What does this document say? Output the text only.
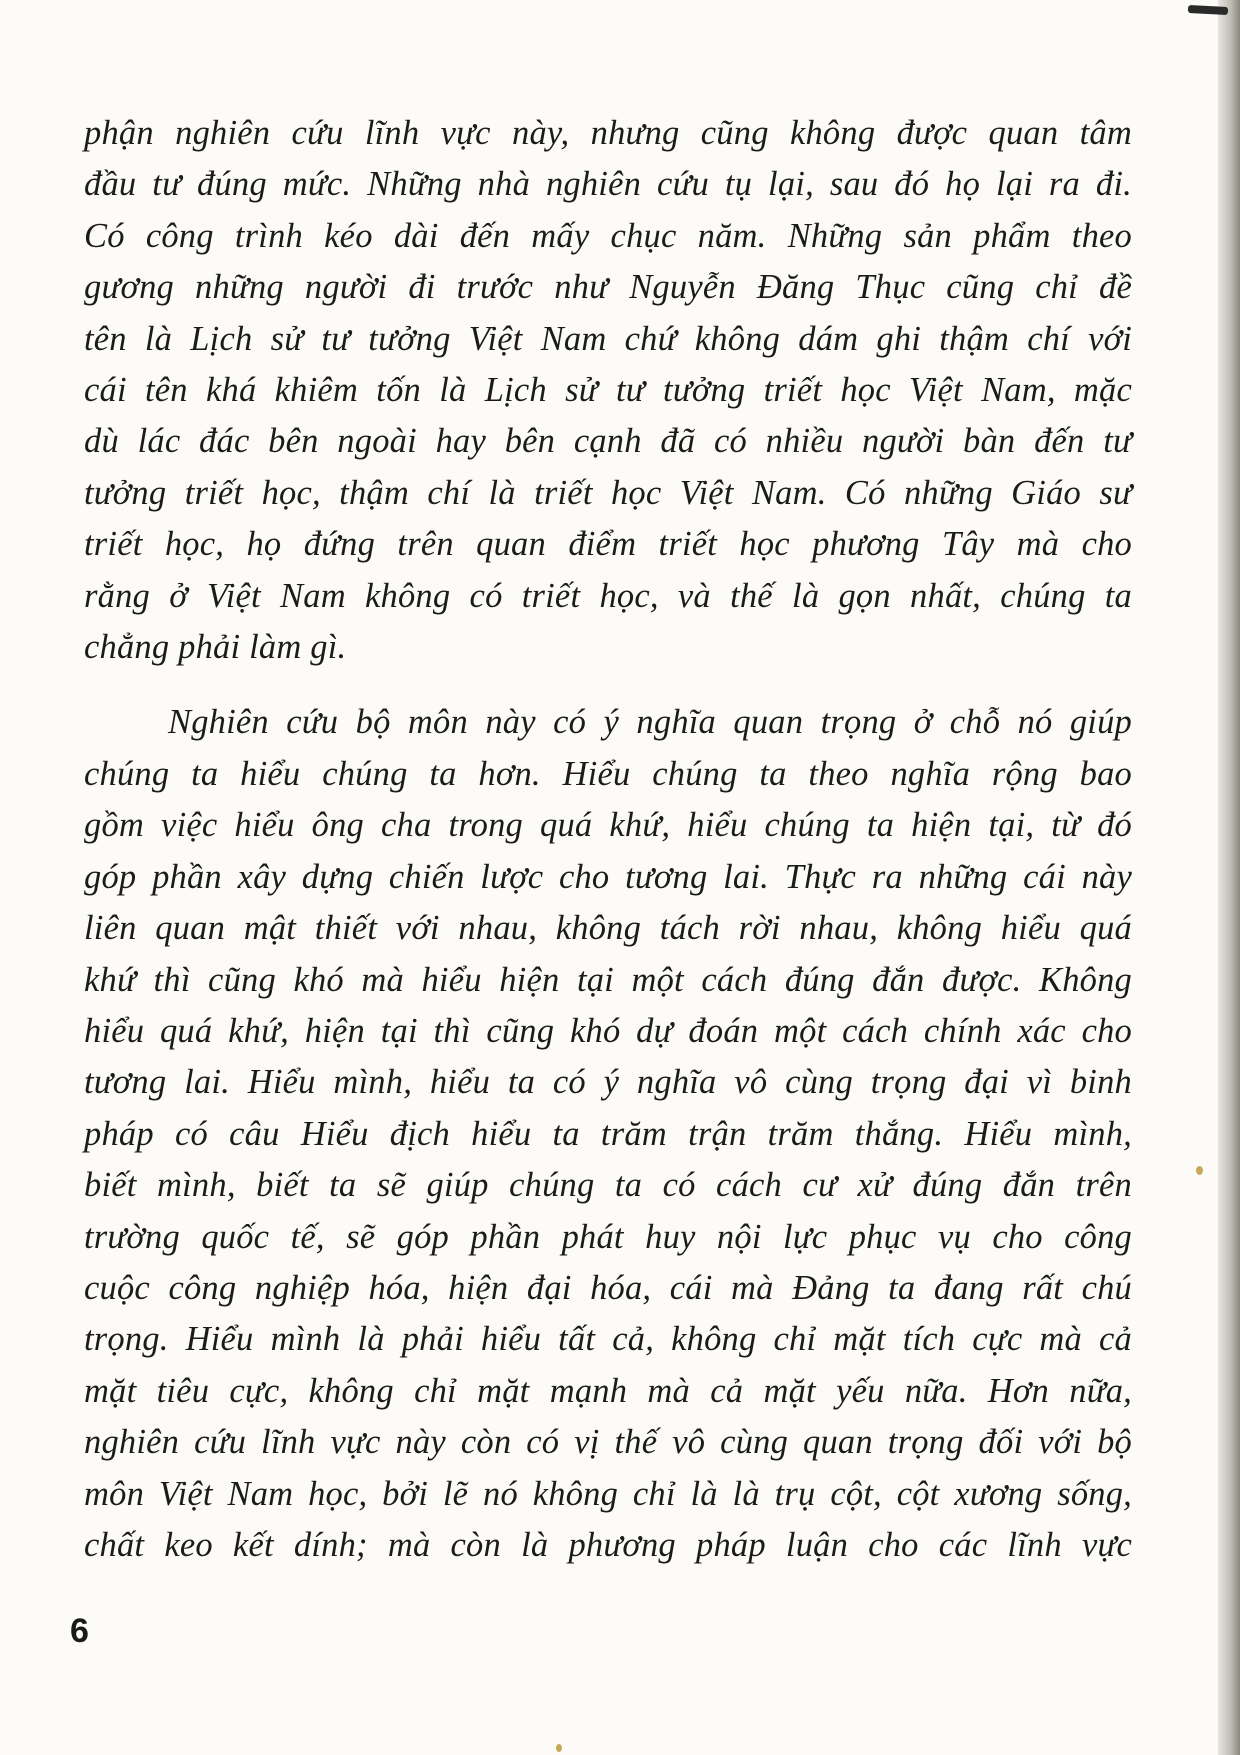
phận nghiên cứu lĩnh vực này, nhưng cũng không được quan tâm
đầu tư đúng mức. Những nhà nghiên cứu tụ lại, sau đó họ lại ra đi.
Có công trình kéo dài đến mấy chục năm. Những sản phẩm theo
gương những người đi trước như Nguyễn Đăng Thục cũng chỉ đề
tên là Lịch sử tư tưởng Việt Nam chứ không dám ghi thậm chí với
cái tên khá khiêm tốn là Lịch sử tư tưởng triết học Việt Nam, mặc
dù lác đác bên ngoài hay bên cạnh đã có nhiều người bàn đến tư
tưởng triết học, thậm chí là triết học Việt Nam. Có những Giáo sư
triết học, họ đứng trên quan điểm triết học phương Tây mà cho
rằng ở Việt Nam không có triết học, và thế là gọn nhất, chúng ta
chẳng phải làm gì.
Nghiên cứu bộ môn này có ý nghĩa quan trọng ở chỗ nó giúp
chúng ta hiểu chúng ta hơn. Hiểu chúng ta theo nghĩa rộng bao
gồm việc hiểu ông cha trong quá khứ, hiểu chúng ta hiện tại, từ đó
góp phần xây dựng chiến lược cho tương lai. Thực ra những cái này
liên quan mật thiết với nhau, không tách rời nhau, không hiểu quá
khứ thì cũng khó mà hiểu hiện tại một cách đúng đắn được. Không
hiểu quá khứ, hiện tại thì cũng khó dự đoán một cách chính xác cho
tương lai. Hiểu mình, hiểu ta có ý nghĩa vô cùng trọng đại vì binh
pháp có câu Hiểu địch hiểu ta trăm trận trăm thắng. Hiểu mình,
biết mình, biết ta sẽ giúp chúng ta có cách cư xử đúng đắn trên
trường quốc tế, sẽ góp phần phát huy nội lực phục vụ cho công
cuộc công nghiệp hóa, hiện đại hóa, cái mà Đảng ta đang rất chú
trọng. Hiểu mình là phải hiểu tất cả, không chỉ mặt tích cực mà cả
mặt tiêu cực, không chỉ mặt mạnh mà cả mặt yếu nữa. Hơn nữa,
nghiên cứu lĩnh vực này còn có vị thế vô cùng quan trọng đối với bộ
môn Việt Nam học, bởi lẽ nó không chỉ là là trụ cột, cột xương sống,
chất keo kết dính; mà còn là phương pháp luận cho các lĩnh vực
6
